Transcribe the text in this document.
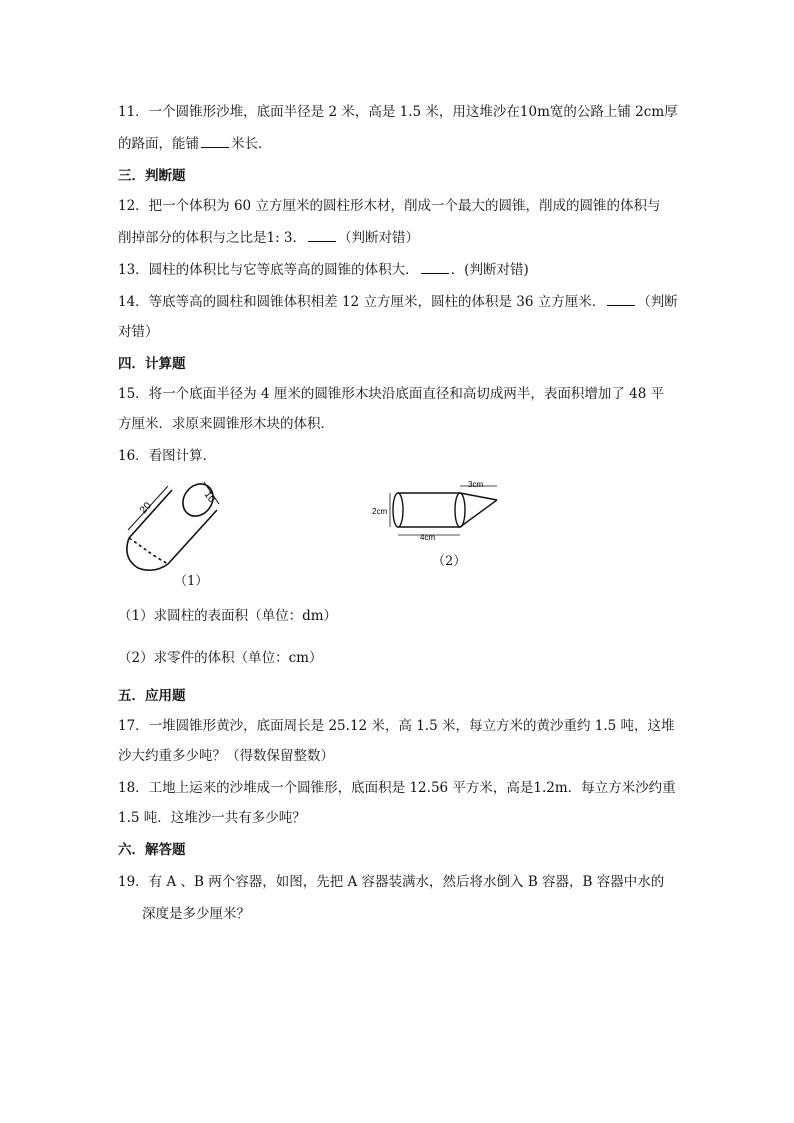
11．一个圆锥形沙堆，底面半径是 2 米，高是 1.5 米，用这堆沙在10m宽的公路上铺 2cm厚
的路面，能铺 米长．
三．判断题
12．把一个体积为 60 立方厘米的圆柱形木材，削成一个最大的圆锥，削成的圆锥的体积与
削掉部分的体积与之比是1: 3． （判断对错）
13．圆柱的体积比与它等底等高的圆锥的体积大． ．(判断对错)
14．等底等高的圆柱和圆锥体积相差 12 立方厘米，圆柱的体积是 36 立方厘米． （判断
对错）
四．计算题
15．将一个底面半径为 4 厘米的圆锥形木块沿底面直径和高切成两半，表面积增加了 48 平
方厘米．求原来圆锥形木块的体积．
16．看图计算．
20
10
（1）
2cm
4cm
3cm
（2）
（1）求圆柱的表面积（单位：dm）
（2）求零件的体积（单位：cm）
五．应用题
17．一堆圆锥形黄沙，底面周长是 25.12 米，高 1.5 米，每立方米的黄沙重约 1.5 吨，这堆
沙大约重多少吨？（得数保留整数）
18．工地上运来的沙堆成一个圆锥形，底面积是 12.56 平方米，高是1.2m．每立方米沙约重
1.5 吨．这堆沙一共有多少吨？
六．解答题
19．有 A 、B 两个容器，如图，先把 A 容器装满水，然后将水倒入 B 容器，B 容器中水的
深度是多少厘米？
